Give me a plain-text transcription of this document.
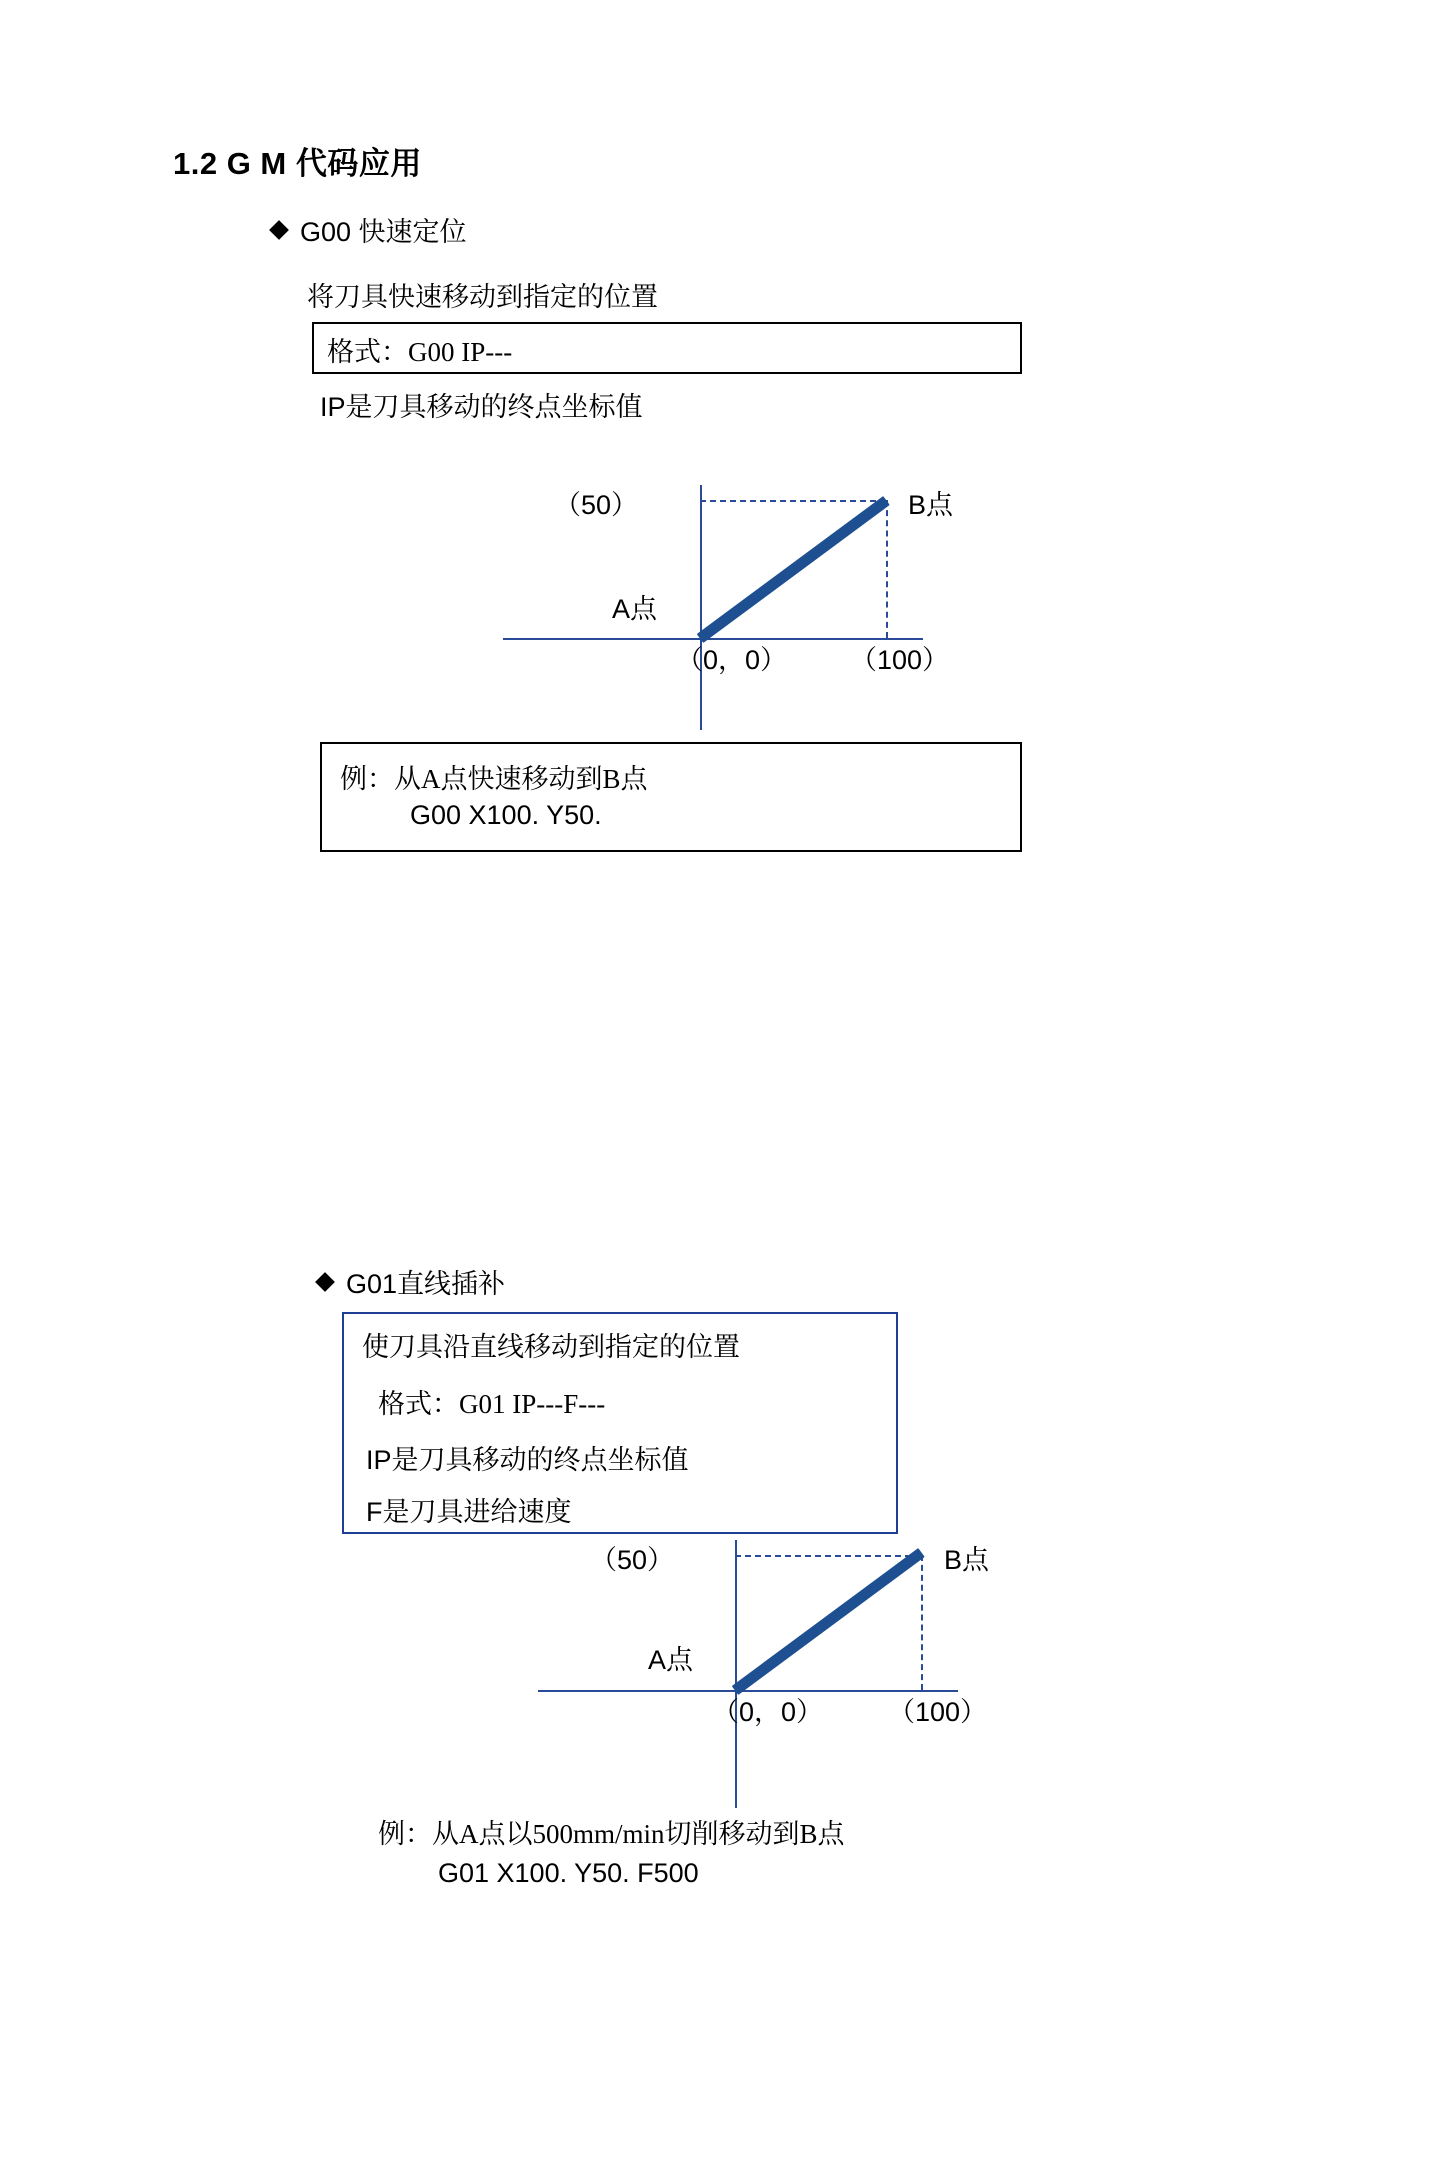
1.2 G M 代码应用
G00 快速定位
将刀具快速移动到指定的位置
格式：G00 IP---
IP是刀具移动的终点坐标值
（50）	B点
A点
（0，0） （100）
例：从A点快速移动到B点
G00 X100. Y50.
G01直线插补
使刀具沿直线移动到指定的位置
格式：G01 IP---F---
IP是刀具移动的终点坐标值
F是刀具进给速度
（50）	B点
A点
（0，0） （100）
例：从A点以500mm/min切削移动到B点
G01 X100. Y50. F500
